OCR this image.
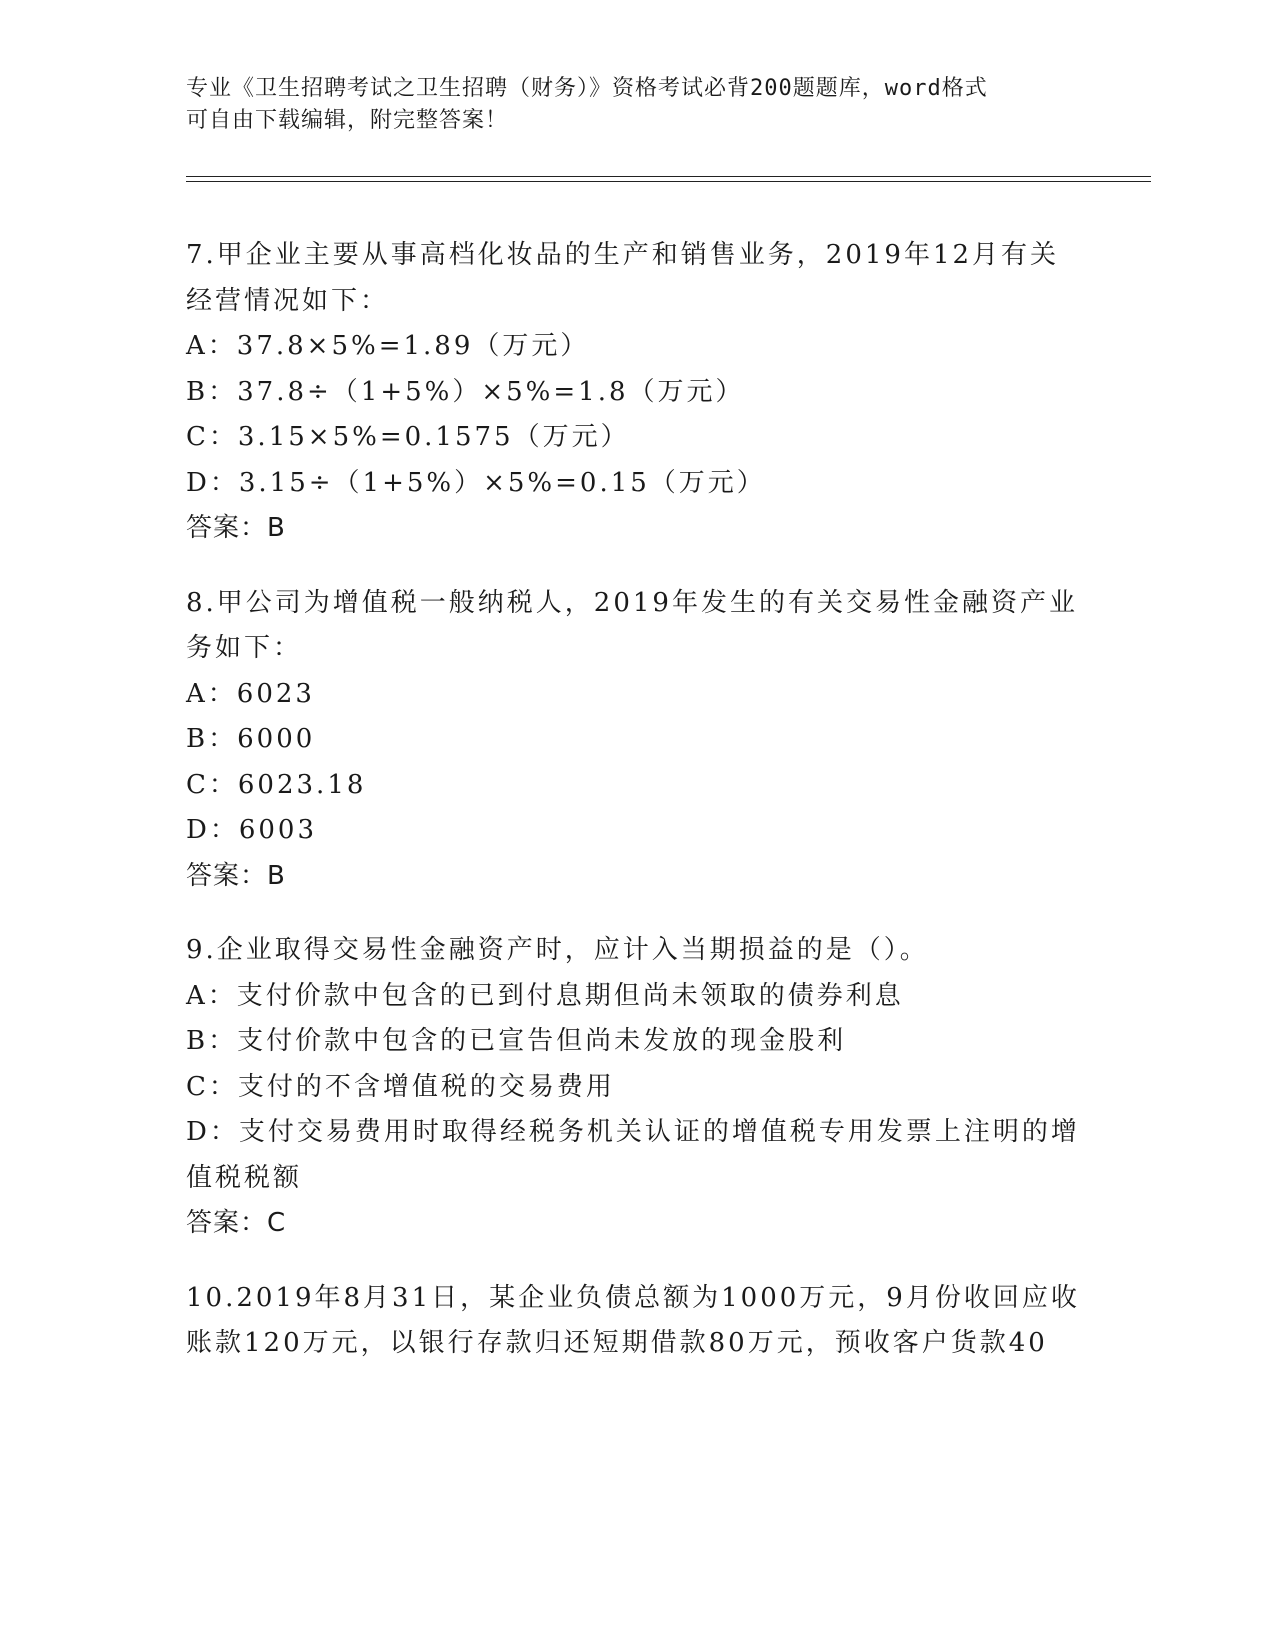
专业《卫生招聘考试之卫生招聘（财务）》资格考试必背200题题库，word格式
可自由下载编辑，附完整答案！
7.甲企业主要从事高档化妆品的生产和销售业务，2019年12月有关经营情况如下：
A：37.8×5%=1.89（万元）
B：37.8÷（1+5%）×5%=1.8（万元）
C：3.15×5%=0.1575（万元）
D：3.15÷（1+5%）×5%=0.15（万元）
答案：B
8.甲公司为增值税一般纳税人，2019年发生的有关交易性金融资产业务如下：
A：6023
B：6000
C：6023.18
D：6003
答案：B
9.企业取得交易性金融资产时，应计入当期损益的是（）。
A：支付价款中包含的已到付息期但尚未领取的债券利息
B：支付价款中包含的已宣告但尚未发放的现金股利
C：支付的不含增值税的交易费用
D：支付交易费用时取得经税务机关认证的增值税专用发票上注明的增值税税额
答案：C
10.2019年8月31日，某企业负债总额为1000万元，9月份收回应收账款120万元，以银行存款归还短期借款80万元，预收客户货款40
